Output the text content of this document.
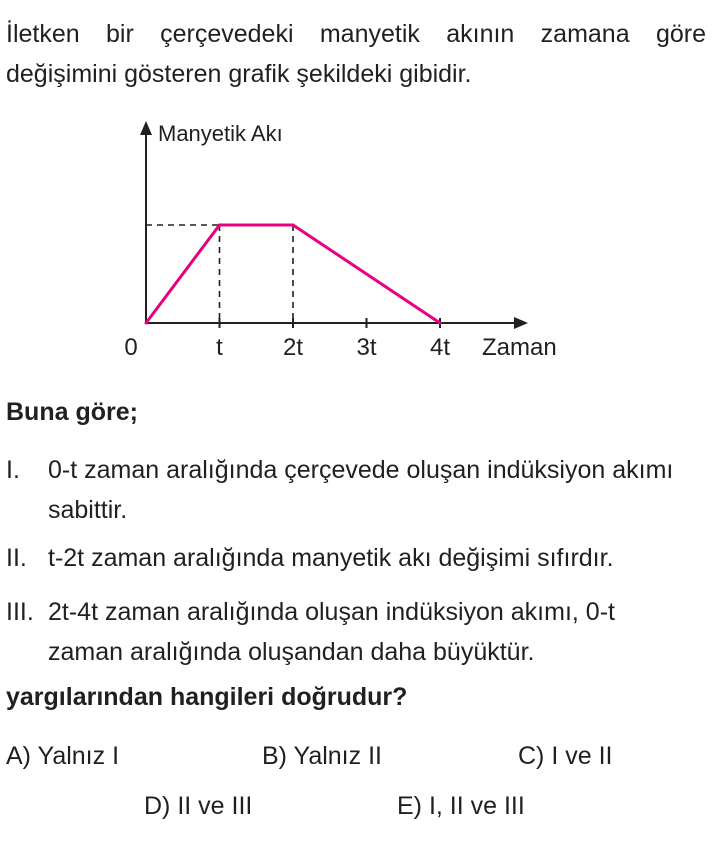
İletken bir çerçevedeki manyetik akının zamana göre
değişimini gösteren grafik şekildeki gibidir.
Manyetik Akı
Zaman
0	t	2t 3t 4t
Buna göre;
I. 0-t zaman aralığında çerçevede oluşan indüksiyon akımı sabittir.
II. t-2t zaman aralığında manyetik akı değişimi sıfırdır.
III. 2t-4t zaman aralığında oluşan indüksiyon akımı, 0-t zaman aralığında oluşandan daha büyüktür.
yargılarından hangileri doğrudur?
A) Yalnız I	B) Yalnız II	C) I ve II
D) II ve III	E) I, II ve III
